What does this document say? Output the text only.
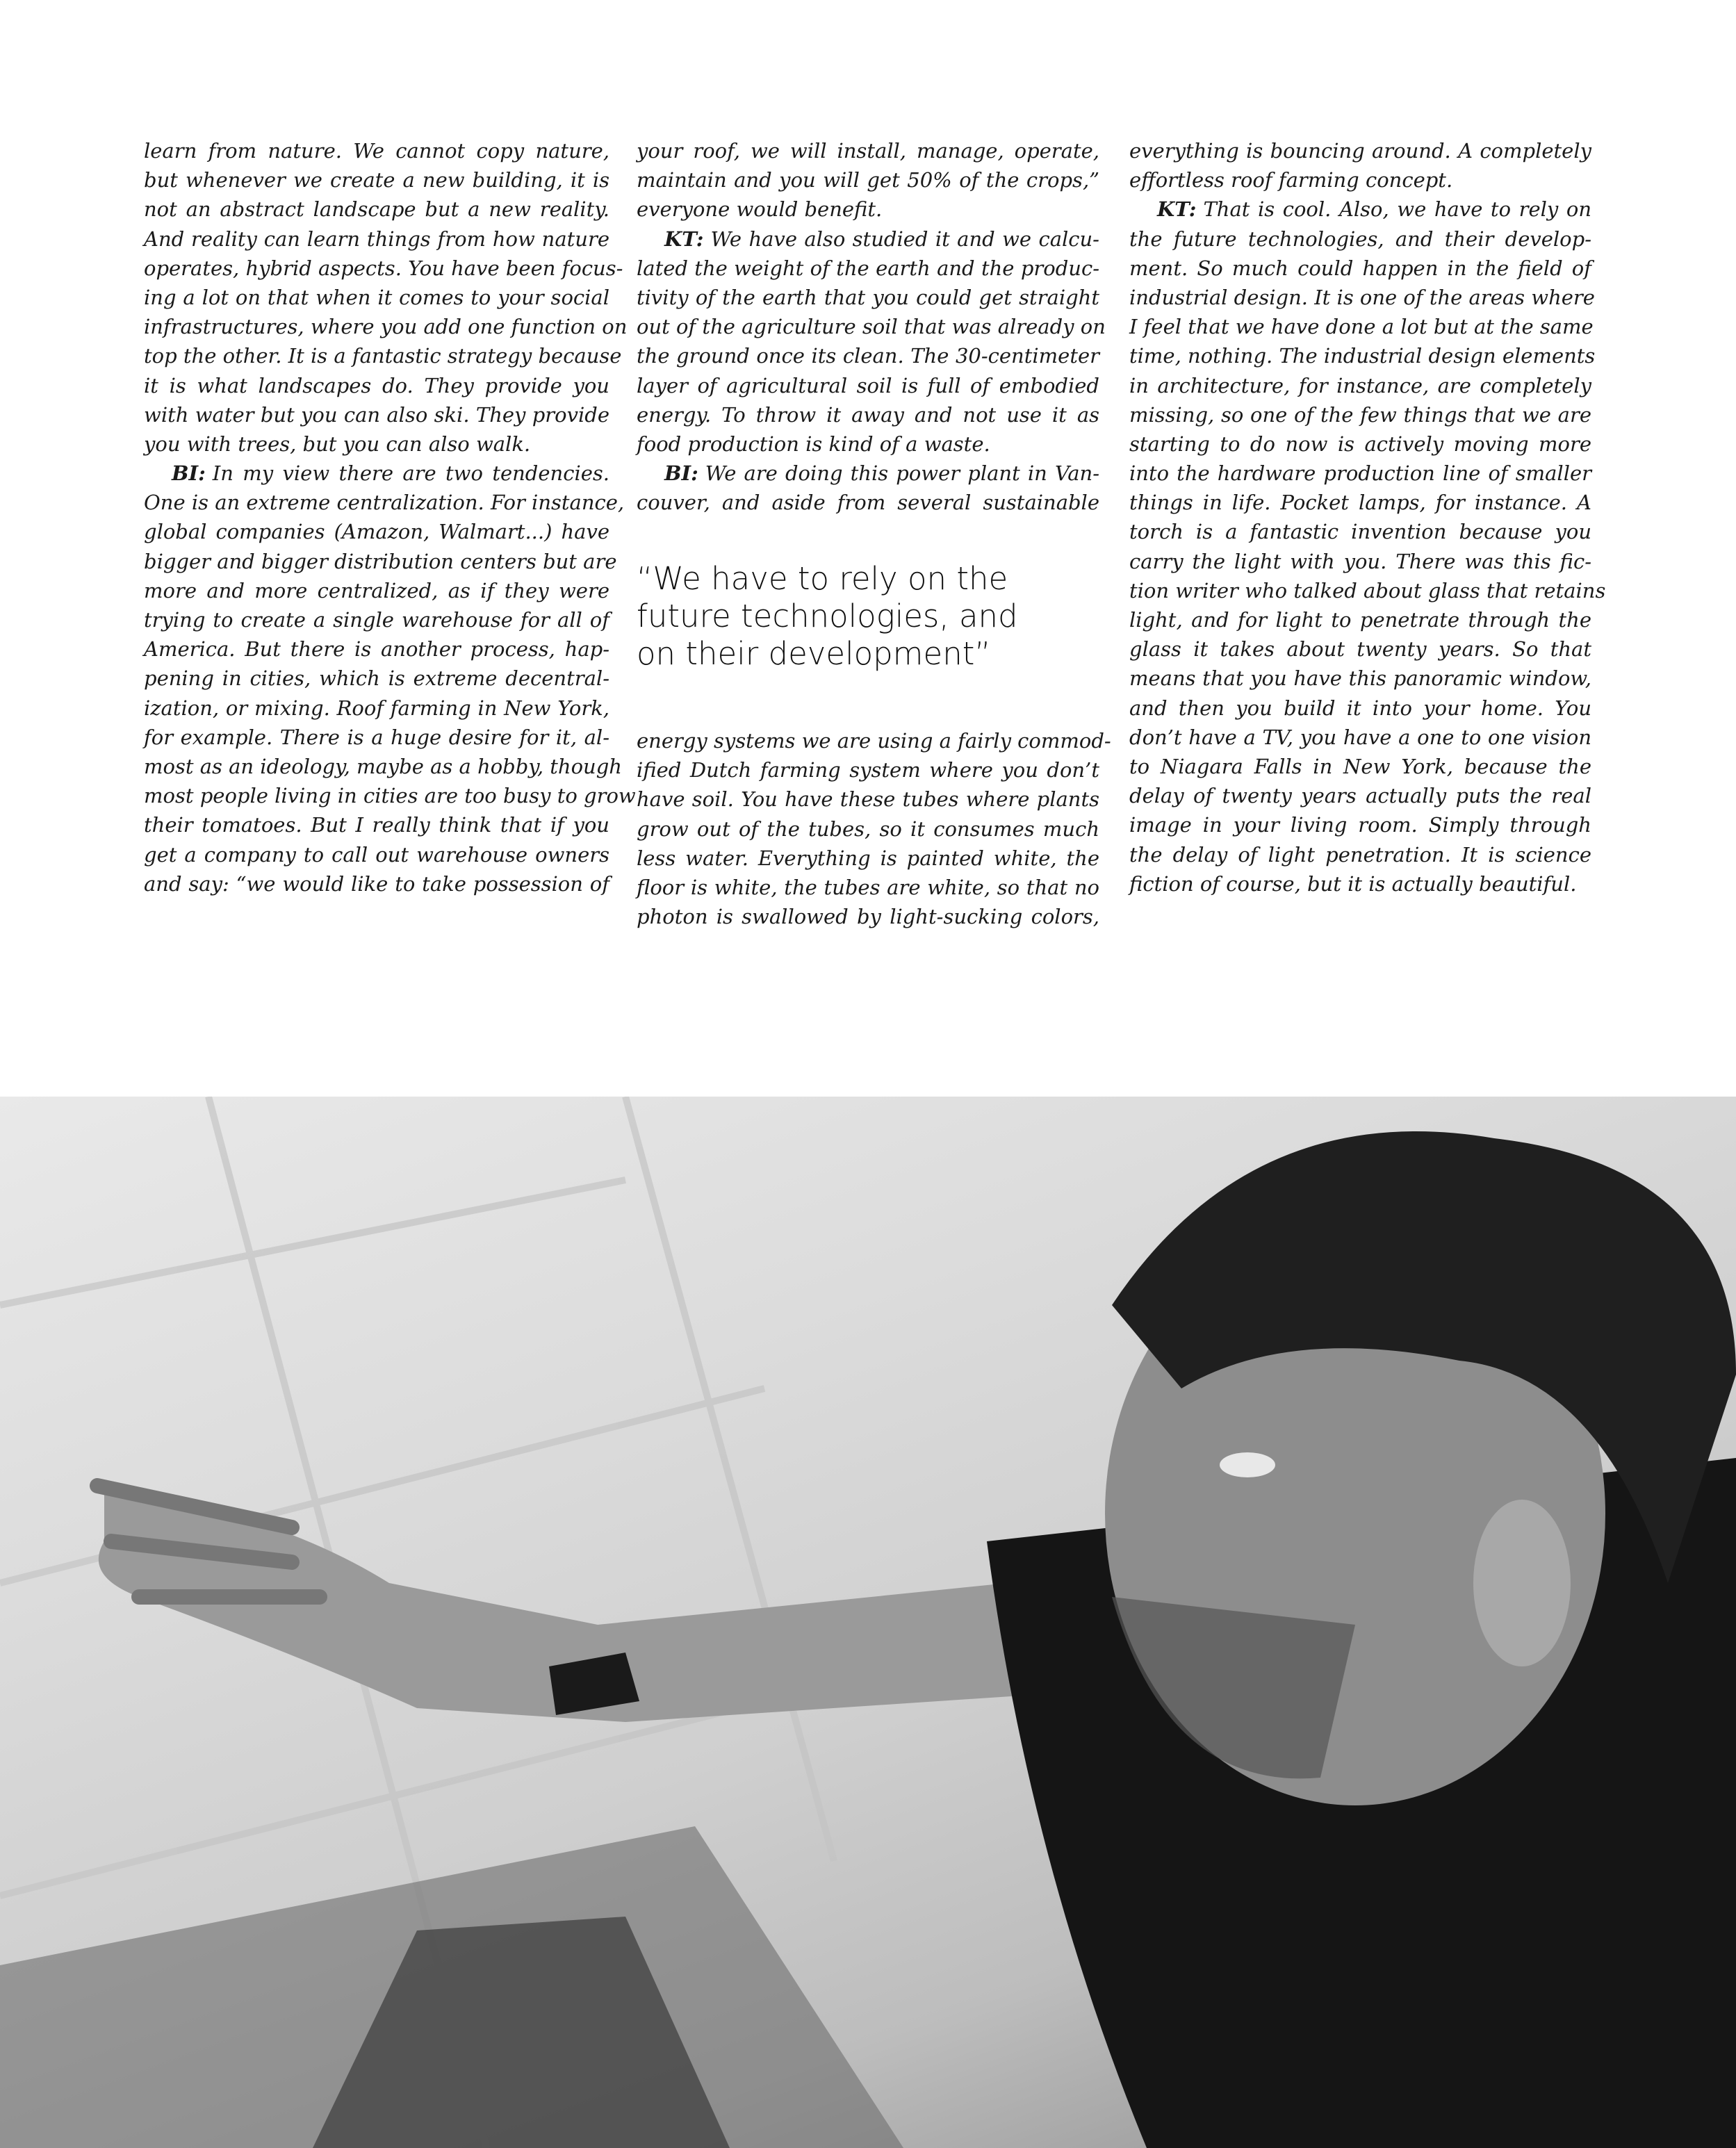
learn from nature. We cannot copy nature,
but whenever we create a new building, it is
not an abstract landscape but a new reality.
And reality can learn things from how nature
operates, hybrid aspects. You have been focus-
ing a lot on that when it comes to your social
infrastructures, where you add one function on
top the other. It is a fantastic strategy because
it is what landscapes do. They provide you
with water but you can also ski. They provide
you with trees, but you can also walk.
BI: In my view there are two tendencies.
One is an extreme centralization. For instance,
global companies (Amazon, Walmart...) have
bigger and bigger distribution centers but are
more and more centralized, as if they were
trying to create a single warehouse for all of
America. But there is another process, hap-
pening in cities, which is extreme decentral-
ization, or mixing. Roof farming in New York,
for example. There is a huge desire for it, al-
most as an ideology, maybe as a hobby, though
most people living in cities are too busy to grow
their tomatoes. But I really think that if you
get a company to call out warehouse owners
and say: “we would like to take possession of
your roof, we will install, manage, operate,
maintain and you will get 50% of the crops,”
everyone would benefit.
KT: We have also studied it and we calcu-
lated the weight of the earth and the produc-
tivity of the earth that you could get straight
out of the agriculture soil that was already on
the ground once its clean. The 30-centimeter
layer of agricultural soil is full of embodied
energy. To throw it away and not use it as
food production is kind of a waste.
BI: We are doing this power plant in Van-
couver, and aside from several sustainable
“We have to rely on the
future technologies, and
on their development”
energy systems we are using a fairly commod-
ified Dutch farming system where you don’t
have soil. You have these tubes where plants
grow out of the tubes, so it consumes much
less water. Everything is painted white, the
floor is white, the tubes are white, so that no
photon is swallowed by light-sucking colors,
everything is bouncing around. A completely
effortless roof farming concept.
KT: That is cool. Also, we have to rely on
the future technologies, and their develop-
ment. So much could happen in the field of
industrial design. It is one of the areas where
I feel that we have done a lot but at the same
time, nothing. The industrial design elements
in architecture, for instance, are completely
missing, so one of the few things that we are
starting to do now is actively moving more
into the hardware production line of smaller
things in life. Pocket lamps, for instance. A
torch is a fantastic invention because you
carry the light with you. There was this fic-
tion writer who talked about glass that retains
light, and for light to penetrate through the
glass it takes about twenty years. So that
means that you have this panoramic window,
and then you build it into your home. You
don’t have a TV, you have a one to one vision
to Niagara Falls in New York, because the
delay of twenty years actually puts the real
image in your living room. Simply through
the delay of light penetration. It is science
fiction of course, but it is actually beautiful.
